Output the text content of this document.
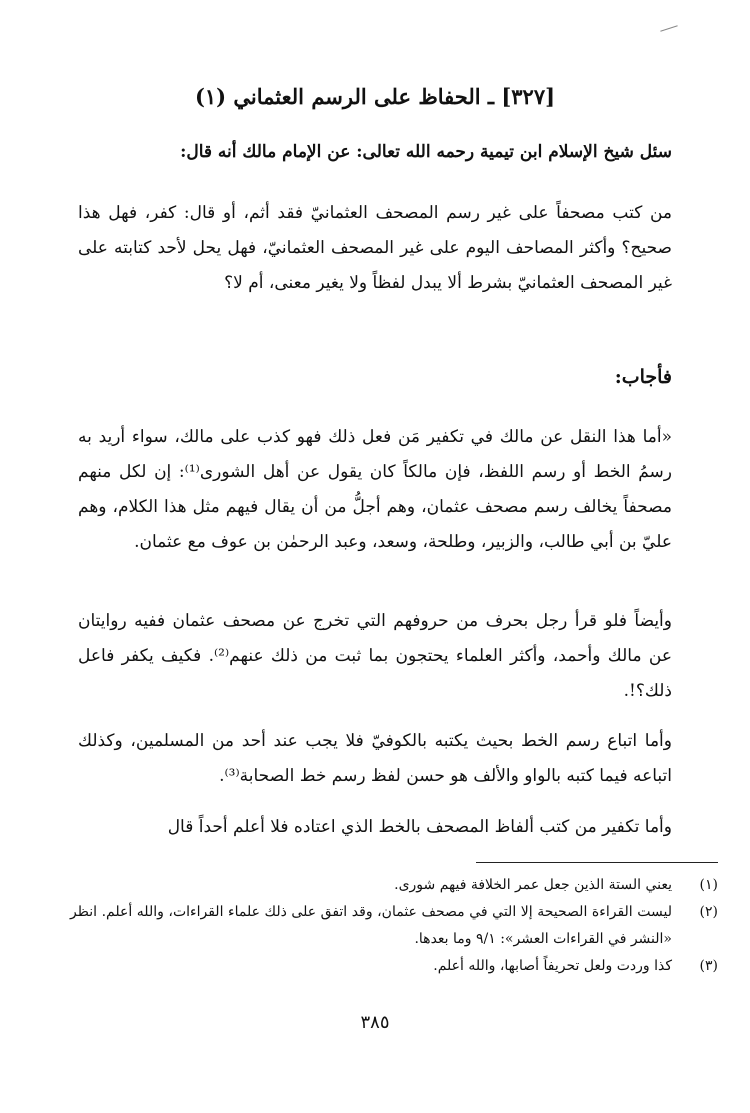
[٣٢٧] ـ الحفاظ على الرسم العثماني (١)
سئل شيخ الإسلام ابن تيمية رحمه الله تعالى: عن الإمام مالك أنه قال:
من كتب مصحفاً على غير رسم المصحف العثمانيّ فقد أثم، أو قال: كفر، فهل هذا صحيح؟ وأكثر المصاحف اليوم على غير المصحف العثمانيّ، فهل يحل لأحد كتابته على غير المصحف العثمانيّ بشرط ألا يبدل لفظاً ولا يغير معنى، أم لا؟
فأجاب:
«أما هذا النقل عن مالك في تكفير مَن فعل ذلك فهو كذب على مالك، سواء أريد به رسمُ الخط أو رسم اللفظ، فإن مالكاً كان يقول عن أهل الشورى⁽¹⁾: إن لكل منهم مصحفاً يخالف رسم مصحف عثمان، وهم أجلُّ من أن يقال فيهم مثل هذا الكلام، وهم عليّ بن أبي طالب، والزبير، وطلحة، وسعد، وعبد الرحمٰن بن عوف مع عثمان.
وأيضاً فلو قرأ رجل بحرف من حروفهم التي تخرج عن مصحف عثمان ففيه روايتان عن مالك وأحمد، وأكثر العلماء يحتجون بما ثبت من ذلك عنهم⁽²⁾. فكيف يكفر فاعل ذلك؟!.
وأما اتباع رسم الخط بحيث يكتبه بالكوفيّ فلا يجب عند أحد من المسلمين، وكذلك اتباعه فيما كتبه بالواو والألف هو حسن لفظ رسم خط الصحابة⁽³⁾.
وأما تكفير من كتب ألفاظ المصحف بالخط الذي اعتاده فلا أعلم أحداً قال
(١)
يعني الستة الذين جعل عمر الخلافة فيهم شورى.
(٢)
ليست القراءة الصحيحة إلا التي في مصحف عثمان، وقد اتفق على ذلك علماء القراءات، والله أعلم. انظر «النشر في القراءات العشر»: ٩/١ وما بعدها.
(٣)
كذا وردت ولعل تحريفاً أصابها، والله أعلم.
٣٨٥
